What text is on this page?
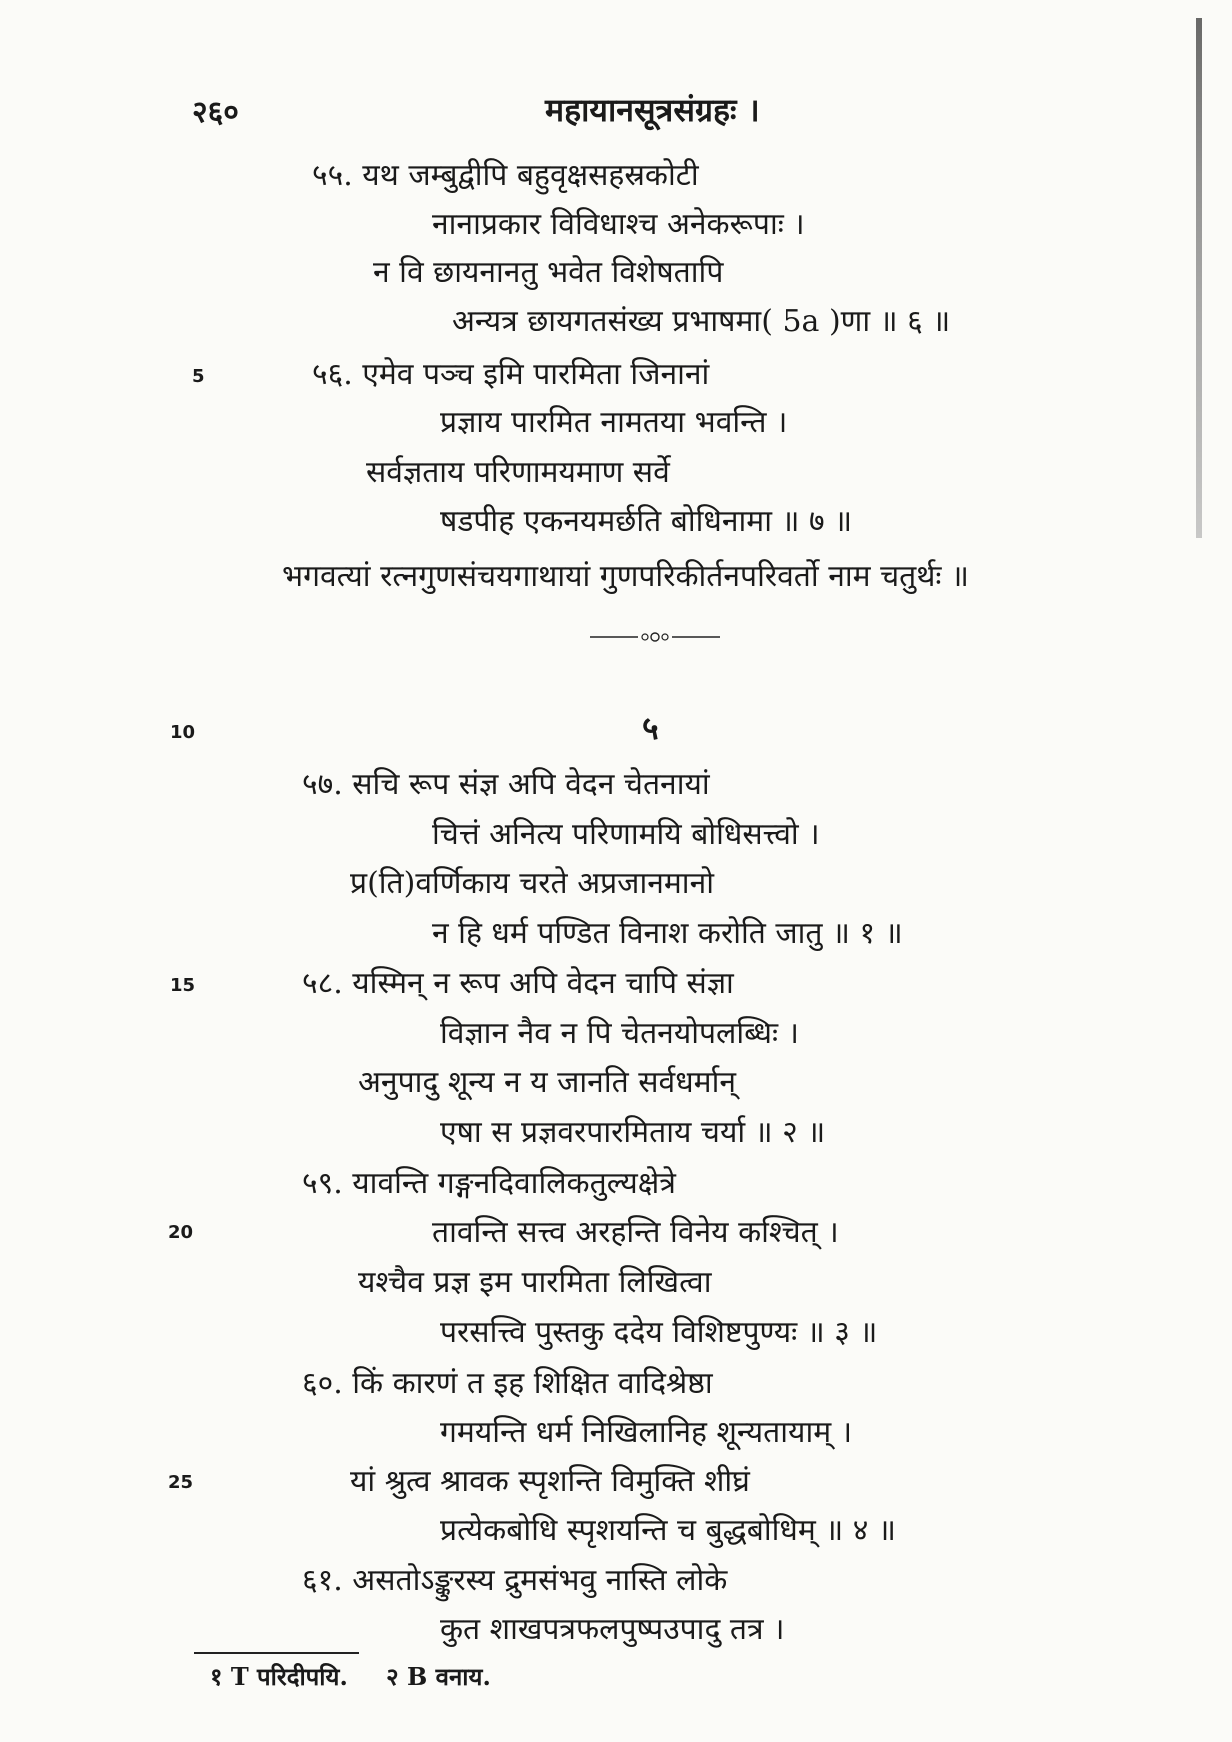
२६०	महायानसूत्रसंग्रहः ।
५५. यथ जम्बुद्वीपि बहुवृक्षसहस्रकोटी
नानाप्रकार विविधाश्च अनेकरूपाः ।
न वि छायनानतु भवेत विशेषतापि
अन्यत्र छायगतसंख्य प्रभाषमा( 5a )णा ॥ ६ ॥
५६. एमेव पञ्च इमि पारमिता जिनानां
प्रज्ञाय पारमित नामतया भवन्ति ।
सर्वज्ञताय परिणामयमाण सर्वे
षडपीह एकनयमर्छति बोधिनामा ॥ ७ ॥
भगवत्यां रत्नगुणसंचयगाथायां गुणपरिकीर्तनपरिवर्तो नाम चतुर्थः ॥
५
५७. सचि रूप संज्ञ अपि वेदन चेतनायां
चित्तं अनित्य परिणामयि बोधिसत्त्वो ।
प्र(ति)वर्णिकाय चरते अप्रजानमानो
न हि धर्म पण्डित विनाश करोति जातु ॥ १ ॥
५८. यस्मिन् न रूप अपि वेदन चापि संज्ञा
विज्ञान नैव न पि चेतनयोपलब्धिः ।
अनुपादु शून्य न य जानति सर्वधर्मान्
एषा स प्रज्ञवरपारमिताय चर्या ॥ २ ॥
५९. यावन्ति गङ्गनदिवालिकतुल्यक्षेत्रे
तावन्ति सत्त्व अरहन्ति विनेय कश्चित् ।
यश्चैव प्रज्ञ इम पारमिता लिखित्वा
परसत्त्वि पुस्तकु ददेय विशिष्टपुण्यः ॥ ३ ॥
६०. किं कारणं त इह शिक्षित वादिश्रेष्ठा
गमयन्ति धर्म निखिलानिह शून्यतायाम् ।
यां श्रुत्व श्रावक स्पृशन्ति विमुक्ति शीघ्रं
प्रत्येकबोधि स्पृशयन्ति च बुद्धबोधिम् ॥ ४ ॥
६१. असतोऽङ्कुरस्य द्रुमसंभवु नास्ति लोके
कुत शाखपत्रफलपुष्पउपादु तत्र ।
5
10
15
20
25
१ T परिदीपयि. २ B वनाय.
